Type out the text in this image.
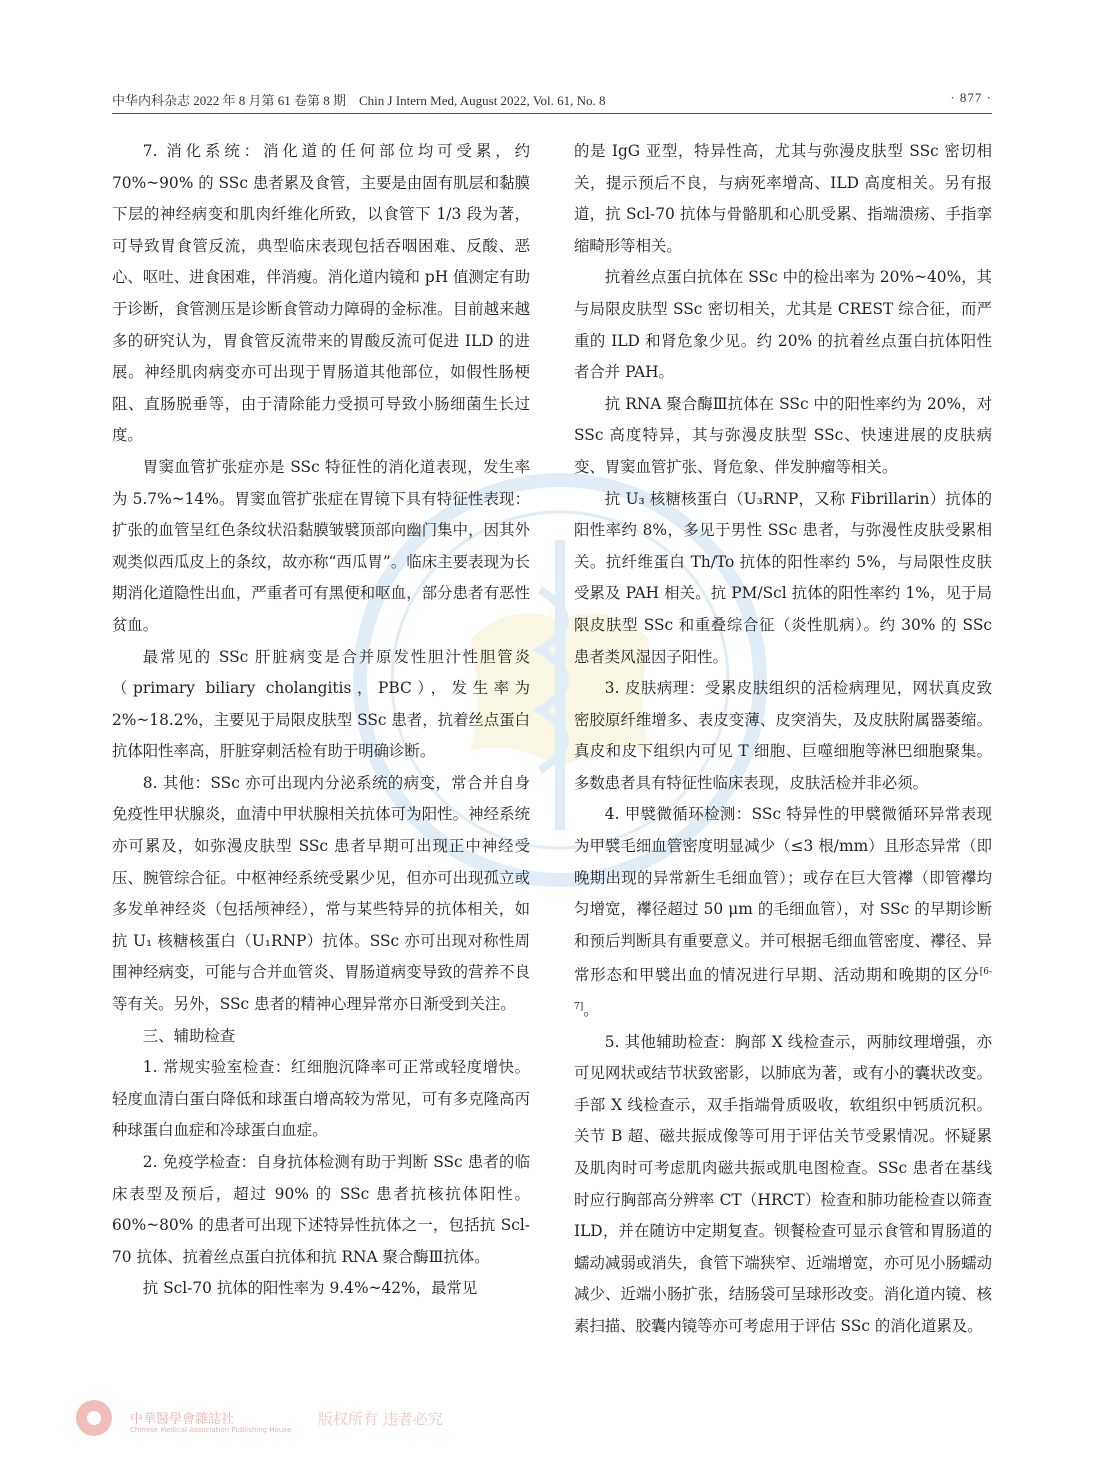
中华内科杂志 2022 年 8 月第 61 卷第 8 期　Chin J Intern Med, August 2022, Vol. 61, No. 8	· 877 ·

7. 消化系统：消化道的任何部位均可受累，约 70%~90% 的 SSc 患者累及食管，主要是由固有肌层和黏膜下层的神经病变和肌肉纤维化所致，以食管下 1/3 段为著，可导致胃食管反流，典型临床表现包括吞咽困难、反酸、恶心、呕吐、进食困难，伴消瘦。消化道内镜和 pH 值测定有助于诊断，食管测压是诊断食管动力障碍的金标准。目前越来越多的研究认为，胃食管反流带来的胃酸反流可促进 ILD 的进展。神经肌肉病变亦可出现于胃肠道其他部位，如假性肠梗阻、直肠脱垂等，由于清除能力受损可导致小肠细菌生长过度。

胃窦血管扩张症亦是 SSc 特征性的消化道表现，发生率为 5.7%~14%。胃窦血管扩张症在胃镜下具有特征性表现：扩张的血管呈红色条纹状沿黏膜皱襞顶部向幽门集中，因其外观类似西瓜皮上的条纹，故亦称“西瓜胃”。临床主要表现为长期消化道隐性出血，严重者可有黑便和呕血，部分患者有恶性贫血。

最常见的 SSc 肝脏病变是合并原发性胆汁性胆管炎（primary biliary cholangitis，PBC），发生率为 2%~18.2%，主要见于局限皮肤型 SSc 患者，抗着丝点蛋白抗体阳性率高，肝脏穿刺活检有助于明确诊断。

8. 其他：SSc 亦可出现内分泌系统的病变，常合并自身免疫性甲状腺炎，血清中甲状腺相关抗体可为阳性。神经系统亦可累及，如弥漫皮肤型 SSc 患者早期可出现正中神经受压、腕管综合征。中枢神经系统受累少见，但亦可出现孤立或多发单神经炎（包括颅神经），常与某些特异的抗体相关，如抗 U₁ 核糖核蛋白（U₁RNP）抗体。SSc 亦可出现对称性周围神经病变，可能与合并血管炎、胃肠道病变导致的营养不良等有关。另外，SSc 患者的精神心理异常亦日渐受到关注。

三、辅助检查

1. 常规实验室检查：红细胞沉降率可正常或轻度增快。轻度血清白蛋白降低和球蛋白增高较为常见，可有多克隆高丙种球蛋白血症和冷球蛋白血症。

2. 免疫学检查：自身抗体检测有助于判断 SSc 患者的临床表型及预后，超过 90% 的 SSc 患者抗核抗体阳性。60%~80% 的患者可出现下述特异性抗体之一，包括抗 Scl-70 抗体、抗着丝点蛋白抗体和抗 RNA 聚合酶Ⅲ抗体。

抗 Scl-70 抗体的阳性率为 9.4%~42%，最常见

的是 IgG 亚型，特异性高，尤其与弥漫皮肤型 SSc 密切相关，提示预后不良，与病死率增高、ILD 高度相关。另有报道，抗 Scl-70 抗体与骨骼肌和心肌受累、指端溃疡、手指挛缩畸形等相关。

抗着丝点蛋白抗体在 SSc 中的检出率为 20%~40%，其与局限皮肤型 SSc 密切相关，尤其是 CREST 综合征，而严重的 ILD 和肾危象少见。约 20% 的抗着丝点蛋白抗体阳性者合并 PAH。

抗 RNA 聚合酶Ⅲ抗体在 SSc 中的阳性率约为 20%，对 SSc 高度特异，其与弥漫皮肤型 SSc、快速进展的皮肤病变、胃窦血管扩张、肾危象、伴发肿瘤等相关。

抗 U₃ 核糖核蛋白（U₃RNP，又称 Fibrillarin）抗体的阳性率约 8%，多见于男性 SSc 患者，与弥漫性皮肤受累相关。抗纤维蛋白 Th/To 抗体的阳性率约 5%，与局限性皮肤受累及 PAH 相关。抗 PM/Scl 抗体的阳性率约 1%，见于局限皮肤型 SSc 和重叠综合征（炎性肌病）。约 30% 的 SSc 患者类风湿因子阳性。

3. 皮肤病理：受累皮肤组织的活检病理见，网状真皮致密胶原纤维增多、表皮变薄、皮突消失，及皮肤附属器萎缩。真皮和皮下组织内可见 T 细胞、巨噬细胞等淋巴细胞聚集。多数患者具有特征性临床表现，皮肤活检并非必须。

4. 甲襞微循环检测：SSc 特异性的甲襞微循环异常表现为甲襞毛细血管密度明显减少（≤3 根/mm）且形态异常（即晚期出现的异常新生毛细血管）；或存在巨大管襻（即管襻均匀增宽，襻径超过 50 μm 的毛细血管），对 SSc 的早期诊断和预后判断具有重要意义。并可根据毛细血管密度、襻径、异常形态和甲襞出血的情况进行早期、活动期和晚期的区分[6-7]。

5. 其他辅助检查：胸部 X 线检查示，两肺纹理增强，亦可见网状或结节状致密影，以肺底为著，或有小的囊状改变。手部 X 线检查示，双手指端骨质吸收，软组织中钙质沉积。关节 B 超、磁共振成像等可用于评估关节受累情况。怀疑累及肌肉时可考虑肌肉磁共振或肌电图检查。SSc 患者在基线时应行胸部高分辨率 CT（HRCT）检查和肺功能检查以筛查 ILD，并在随访中定期复查。钡餐检查可显示食管和胃肠道的蠕动减弱或消失，食管下端狭窄、近端增宽，亦可见小肠蠕动减少、近端小肠扩张，结肠袋可呈球形改变。消化道内镜、核素扫描、胶囊内镜等亦可考虑用于评估 SSc 的消化道累及。

中華醫學會雜誌社
Chinese Medical Association Publishing House
版权所有 违者必究
